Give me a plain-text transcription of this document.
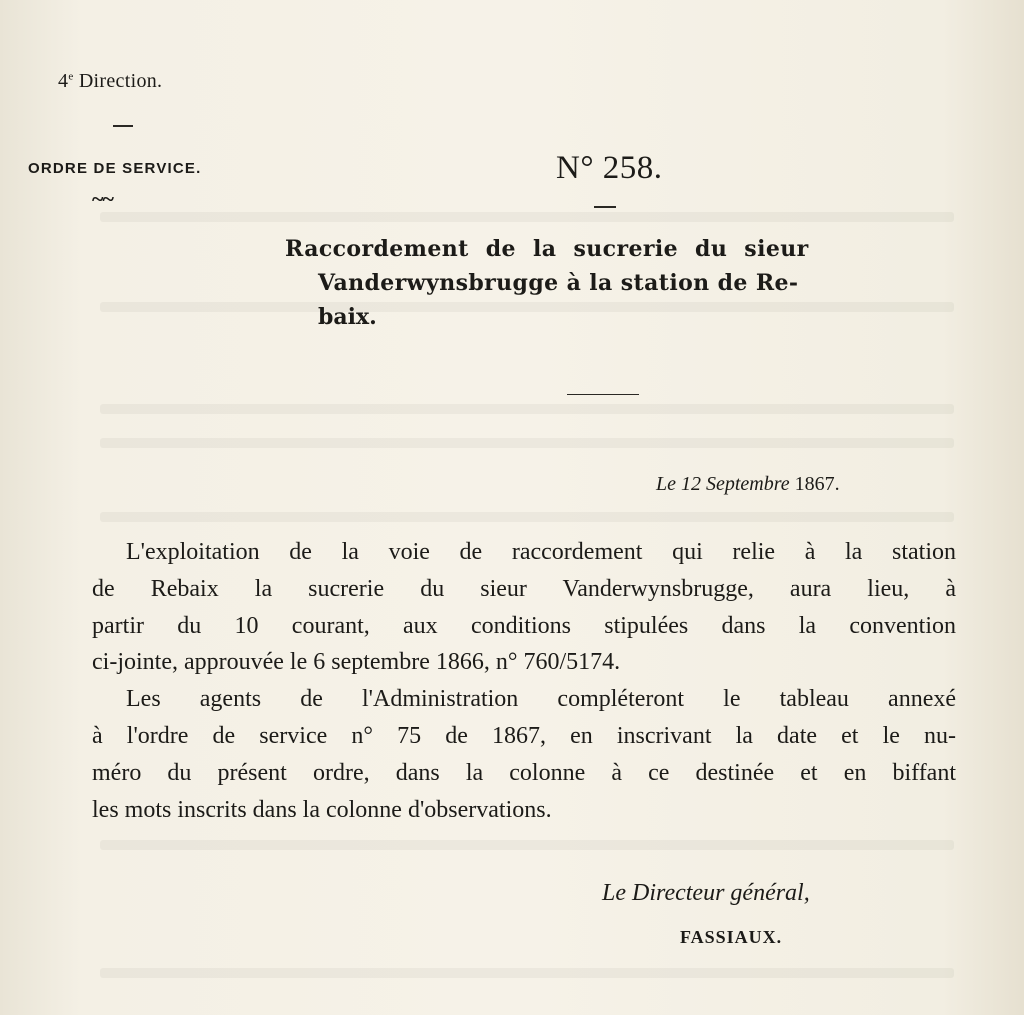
4e Direction.
ORDRE DE SERVICE.
~~
N° 258.
Raccordement de la sucrerie du sieur
Vanderwynsbrugge à la station de Re-
baix.
Le 12 Septembre 1867.
L'exploitation de la voie de raccordement qui relie à la station
de Rebaix la sucrerie du sieur Vanderwynsbrugge, aura lieu, à
partir du 10 courant, aux conditions stipulées dans la convention
ci-jointe, approuvée le 6 septembre 1866, n° 760/5174.
Les agents de l'Administration compléteront le tableau annexé
à l'ordre de service n° 75 de 1867, en inscrivant la date et le nu-
méro du présent ordre, dans la colonne à ce destinée et en biffant
les mots inscrits dans la colonne d'observations.
Le Directeur général,
FASSIAUX.
